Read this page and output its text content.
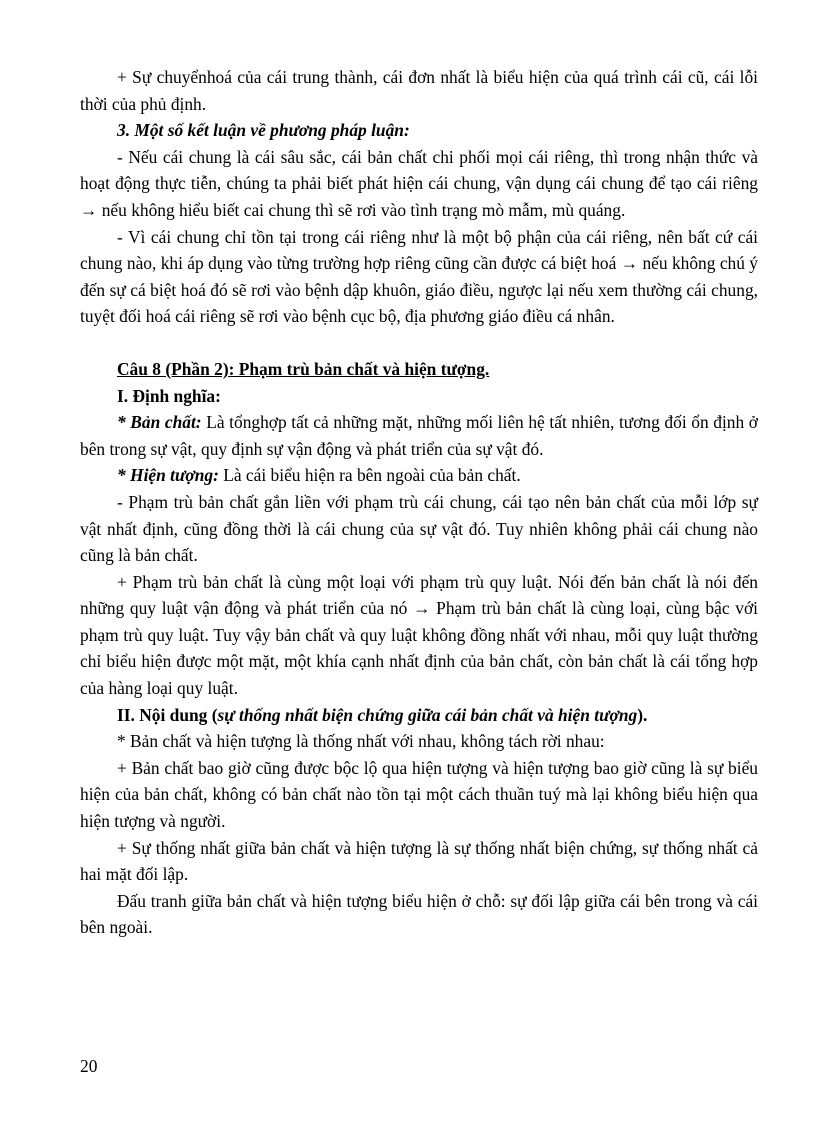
+ Sự chuyểnhoá của cái trung thành, cái đơn nhất là biểu hiện của quá trình cái cũ, cái lỗi thời của phủ định.

3. Một số kết luận về phương pháp luận:

- Nếu cái chung là cái sâu sắc, cái bản chất chi phối mọi cái riêng, thì trong nhận thức và hoạt động thực tiễn, chúng ta phải biết phát hiện cái chung, vận dụng cái chung để tạo cái riêng → nếu không hiểu biết cai chung thì sẽ rơi vào tình trạng mò mẫm, mù quáng.

- Vì cái chung chỉ tồn tại trong cái riêng như là một bộ phận của cái riêng, nên bất cứ cái chung nào, khi áp dụng vào từng trường hợp riêng cũng cần được cá biệt hoá → nếu không chú ý đến sự cá biệt hoá đó sẽ rơi vào bệnh dập khuôn, giáo điều, ngược lại nếu xem thường cái chung, tuyệt đối hoá cái riêng sẽ rơi vào bệnh cục bộ, địa phương giáo điều cá nhân.

Câu 8 (Phần 2): Phạm trù bản chất và hiện tượng.

I. Định nghĩa:

* Bản chất: Là tổnghợp tất cả những mặt, những mối liên hệ tất nhiên, tương đối ổn định ở bên trong sự vật, quy định sự vận động và phát triển của sự vật đó.

* Hiện tượng: Là cái biểu hiện ra bên ngoài của bản chất.

- Phạm trù bản chất gắn liền với phạm trù cái chung, cái tạo nên bản chất của mỗi lớp sự vật nhất định, cũng đồng thời là cái chung của sự vật đó. Tuy nhiên không phải cái chung nào cũng là bản chất.

+ Phạm trù bản chất là cùng một loại với phạm trù quy luật. Nói đến bản chất là nói đến những quy luật vận động và phát triển của nó → Phạm trù bản chất là cùng loại, cùng bậc với phạm trù quy luật. Tuy vậy bản chất và quy luật không đồng nhất với nhau, mỗi quy luật thường chỉ biểu hiện được một mặt, một khía cạnh nhất định của bản chất, còn bản chất là cái tổng hợp của hàng loại quy luật.

II. Nội dung (sự thống nhất biện chứng giữa cái bản chất và hiện tượng).

* Bản chất và hiện tượng là thống nhất với nhau, không tách rời nhau:

+ Bản chất bao giờ cũng được bộc lộ qua hiện tượng và hiện tượng bao giờ cũng là sự biểu hiện của bản chất, không có bản chất nào tồn tại một cách thuần tuý mà lại không biểu hiện qua hiện tượng và người.

+ Sự thống nhất giữa bản chất và hiện tượng là sự thống nhất biện chứng, sự thống nhất cả hai mặt đối lập.

Đấu tranh giữa bản chất và hiện tượng biểu hiện ở chỗ: sự đối lập giữa cái bên trong và cái bên ngoài.

20
